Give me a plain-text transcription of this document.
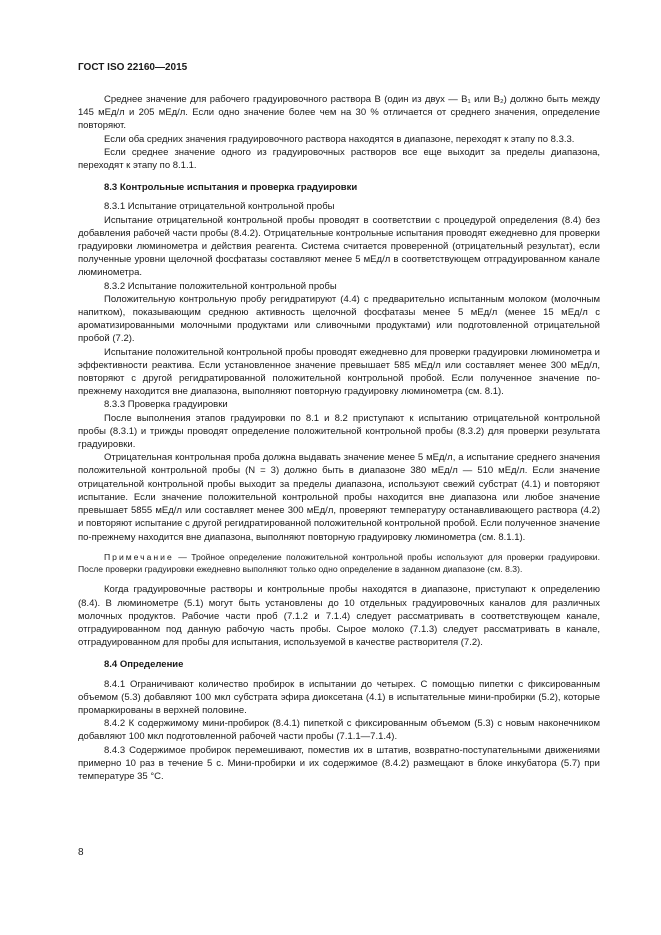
ГОСТ ISO 22160—2015

Среднее значение для рабочего градуировочного раствора В (один из двух — В₁ или В₂) должно быть между 145 мЕд/л и 205 мЕд/л. Если одно значение более чем на 30 % отличается от среднего значения, определение повторяют.

Если оба средних значения градуировочного раствора находятся в диапазоне, переходят к этапу по 8.3.3.

Если среднее значение одного из градуировочных растворов все еще выходит за пределы диапазона, переходят к этапу по 8.1.1.

8.3 Контрольные испытания и проверка градуировки

8.3.1 Испытание отрицательной контрольной пробы

Испытание отрицательной контрольной пробы проводят в соответствии с процедурой определения (8.4) без добавления рабочей части пробы (8.4.2). Отрицательные контрольные испытания проводят ежедневно для проверки градуировки люминометра и действия реагента. Система считается проверенной (отрицательный результат), если полученные уровни щелочной фосфатазы составляют менее 5 мЕд/л в соответствующем отградуированном канале люминометра.

8.3.2 Испытание положительной контрольной пробы

Положительную контрольную пробу регидратируют (4.4) с предварительно испытанным молоком (молочным напитком), показывающим среднюю активность щелочной фосфатазы менее 5 мЕд/л (менее 15 мЕд/л с ароматизированными молочными продуктами или сливочными продуктами) или подготовленной отрицательной пробой (7.2).

Испытание положительной контрольной пробы проводят ежедневно для проверки градуировки люминометра и эффективности реактива. Если установленное значение превышает 585 мЕд/л или составляет менее 300 мЕд/л, повторяют с другой регидратированной положительной контрольной пробой. Если полученное значение по-прежнему находится вне диапазона, выполняют повторную градуировку люминометра (см. 8.1).

8.3.3 Проверка градуировки

После выполнения этапов градуировки по 8.1 и 8.2 приступают к испытанию отрицательной контрольной пробы (8.3.1) и трижды проводят определение положительной контрольной пробы (8.3.2) для проверки результата градуировки.

Отрицательная контрольная проба должна выдавать значение менее 5 мЕд/л, а испытание среднего значения положительной контрольной пробы (N = 3) должно быть в диапазоне 380 мЕд/л — 510 мЕд/л. Если значение отрицательной контрольной пробы выходит за пределы диапазона, используют свежий субстрат (4.1) и повторяют испытание. Если значение положительной контрольной пробы находится вне диапазона или любое значение превышает 5855 мЕд/л или составляет менее 300 мЕд/л, проверяют температуру останавливающего раствора (4.2) и повторяют испытание с другой регидратированной положительной контрольной пробой. Если полученное значение по-прежнему находится вне диапазона, выполняют повторную градуировку люминометра (см. 8.1.1).

Примечание — Тройное определение положительной контрольной пробы используют для проверки градуировки. После проверки градуировки ежедневно выполняют только одно определение в заданном диапазоне (см. 8.3).

Когда градуировочные растворы и контрольные пробы находятся в диапазоне, приступают к определению (8.4). В люминометре (5.1) могут быть установлены до 10 отдельных градуировочных каналов для различных молочных продуктов. Рабочие части проб (7.1.2 и 7.1.4) следует рассматривать в соответствующем канале, отградуированном под данную рабочую часть пробы. Сырое молоко (7.1.3) следует рассматривать в канале, отградуированном для пробы для испытания, используемой в качестве растворителя (7.2).

8.4 Определение

8.4.1 Ограничивают количество пробирок в испытании до четырех. С помощью пипетки с фиксированным объемом (5.3) добавляют 100 мкл субстрата эфира диоксетана (4.1) в испытательные мини-пробирки (5.2), которые промаркированы в верхней половине.

8.4.2 К содержимому мини-пробирок (8.4.1) пипеткой с фиксированным объемом (5.3) с новым наконечником добавляют 100 мкл подготовленной рабочей части пробы (7.1.1—7.1.4).

8.4.3 Содержимое пробирок перемешивают, поместив их в штатив, возвратно-поступательными движениями примерно 10 раз в течение 5 с. Мини-пробирки и их содержимое (8.4.2) размещают в блоке инкубатора (5.7) при температуре 35 °С.

8
